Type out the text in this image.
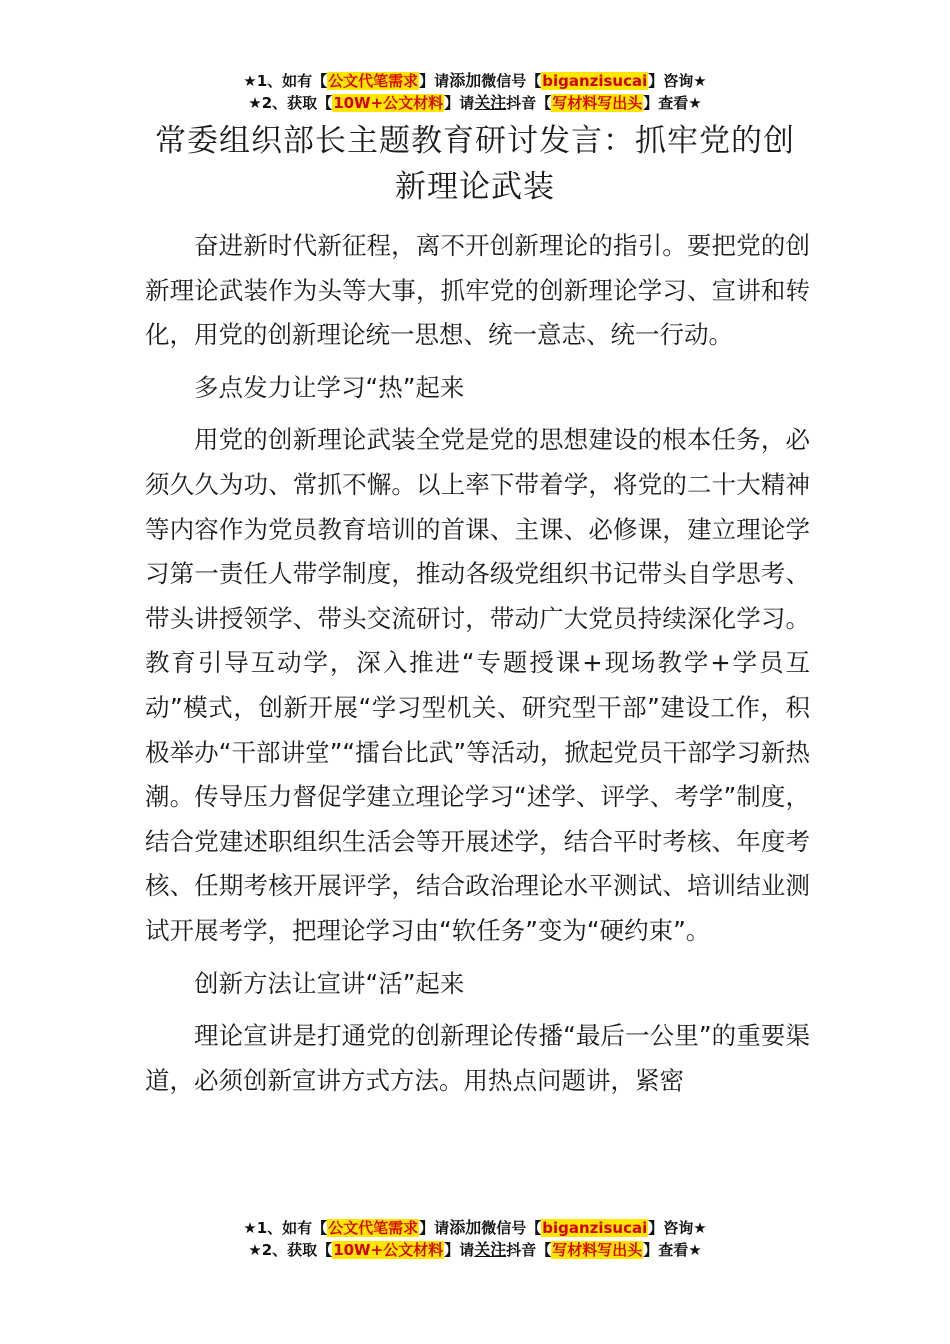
★1、如有【公文代笔需求】请添加微信号【biganzisucai】咨询★
★2、获取【10W+公文材料】请关注抖音【写材料写出头】查看★
常委组织部长主题教育研讨发言：抓牢党的创新理论武装

奋进新时代新征程，离不开创新理论的指引。要把党的创新理论武装作为头等大事，抓牢党的创新理论学习、宣讲和转化，用党的创新理论统一思想、统一意志、统一行动。

多点发力让学习“热”起来

用党的创新理论武装全党是党的思想建设的根本任务，必须久久为功、常抓不懈。以上率下带着学，将党的二十大精神等内容作为党员教育培训的首课、主课、必修课，建立理论学习第一责任人带学制度，推动各级党组织书记带头自学思考、带头讲授领学、带头交流研讨，带动广大党员持续深化学习。教育引导互动学，深入推进“专题授课+现场教学+学员互动”模式，创新开展“学习型机关、研究型干部”建设工作，积极举办“干部讲堂”“擂台比武”等活动，掀起党员干部学习新热潮。传导压力督促学建立理论学习“述学、评学、考学”制度，结合党建述职组织生活会等开展述学，结合平时考核、年度考核、任期考核开展评学，结合政治理论水平测试、培训结业测试开展考学，把理论学习由“软任务”变为“硬约束”。

创新方法让宣讲“活”起来

理论宣讲是打通党的创新理论传播“最后一公里”的重要渠道，必须创新宣讲方式方法。用热点问题讲，紧密

★1、如有【公文代笔需求】请添加微信号【biganzisucai】咨询★
★2、获取【10W+公文材料】请关注抖音【写材料写出头】查看★
